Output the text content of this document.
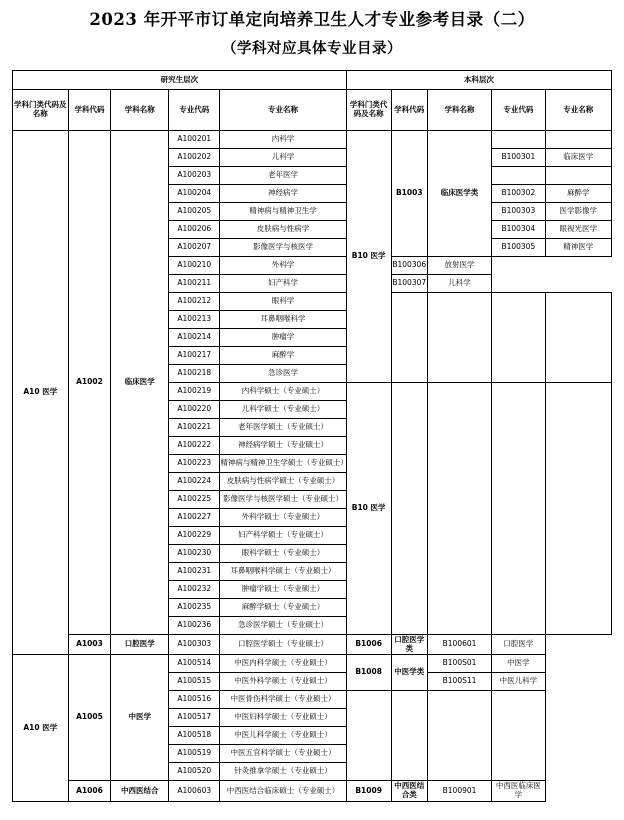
2023 年开平市订单定向培养卫生人才专业参考目录（二）
（学科对应具体专业目录）
研究生层次					本科层次				
学科门类代码及名称	学科代码	学科名称	专业代码	专业名称	学科门类代码及名称	学科代码	学科名称	专业代码	专业名称
A10 医学	A1002	临床医学	A100201	内科学	B10 医学	B1003	临床医学类		
			A100202	儿科学				B100301	临床医学
			A100203	老年医学					
			A100204	神经病学				B100302	麻醉学
			A100205	精神病与精神卫生学				B100303	医学影像学
			A100206	皮肤病与性病学				B100304	眼视光医学
			A100207	影像医学与核医学				B100305	精神医学
			A100210	外科学		B100306	放射医学		
			A100211	妇产科学		B100307	儿科学		
			A100212	眼科学					
			A100213	耳鼻咽喉科学					
			A100214	肿瘤学					
			A100217	麻醉学					
			A100218	急诊医学					
			A100219	内科学硕士（专业硕士）	B10 医学				
			A100220	儿科学硕士（专业硕士）					
			A100221	老年医学硕士（专业硕士）					
			A100222	神经病学硕士（专业硕士）					
			A100223	精神病与精神卫生学硕士（专业硕士）					
			A100224	皮肤病与性病学硕士（专业硕士）					
			A100225	影像医学与核医学硕士（专业硕士）					
			A100227	外科学硕士（专业硕士）					
			A100229	妇产科学硕士（专业硕士）					
			A100230	眼科学硕士（专业硕士）					
			A100231	耳鼻咽喉科学硕士（专业硕士）					
			A100232	肿瘤学硕士（专业硕士）					
			A100235	麻醉学硕士（专业硕士）					
			A100236	急诊医学硕士（专业硕士）					
	A1003	口腔医学	A100303	口腔医学硕士（专业硕士）	B1006	口腔医学类	B100601	口腔医学	
A10 医学	A1005	中医学	A100514	中医内科学硕士（专业硕士）	B1008	中医学类	B100S01	中医学	
			A100515	中医外科学硕士（专业硕士）			B100S11	中医儿科学	
			A100516	中医骨伤科学硕士（专业硕士）					
			A100517	中医妇科学硕士（专业硕士）					
			A100518	中医儿科学硕士（专业硕士）					
			A100519	中医五官科学硕士（专业硕士）					
			A100520	针灸推拿学硕士（专业硕士）					
	A1006	中西医结合	A100603	中西医结合临床硕士（专业硕士）	B1009	中西医结合类	B100901	中西医临床医学	
